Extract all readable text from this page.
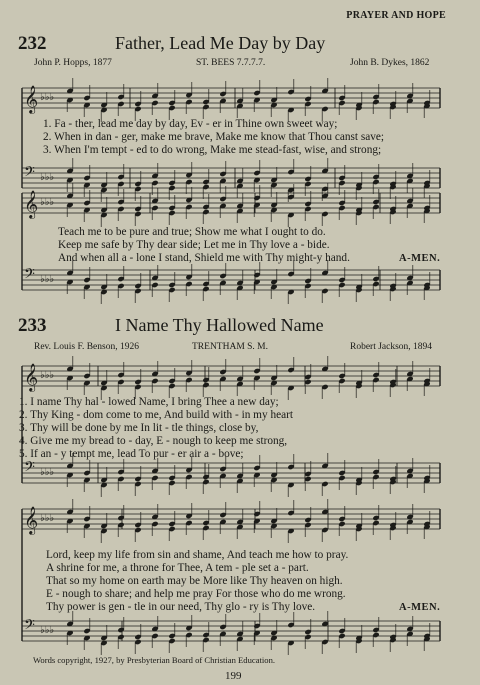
𝄞 ♭♭♭
𝄢 ♭♭♭
𝄞 ♭♭♭
𝄢 ♭♭♭
𝄞 ♭♭♭
𝄢 ♭♭♭
𝄞 ♭♭♭
𝄢 ♭♭♭
PRAYER AND HOPE
232	Father, Lead Me Day by Day
John P. Hopps, 1877	ST. BEES 7.7.7.7.	John B. Dykes, 1862
1. Fa - ther, lead me day by day, Ev - er in Thine own sweet way;
2. When in dan - ger, make me brave, Make me know that Thou canst save;
3. When I'm tempt - ed to do wrong, Make me stead-fast, wise, and strong;
Teach me to be pure and true; Show me what I ought to do.
Keep me safe by Thy dear side; Let me in Thy love a - bide.
And when all a - lone I stand, Shield me with Thy might-y hand.	A-MEN.
233	I Name Thy Hallowed Name
Rev. Louis F. Benson, 1926	TRENTHAM S. M.	Robert Jackson, 1894
1. I name Thy hal - lowed Name, I bring Thee a new day;
2. Thy King - dom come to me, And build with - in my heart
3. Thy will be done by me In lit - tle things, close by,
4. Give me my bread to - day, E - nough to keep me strong,
5. If an - y tempt me, lead To pur - er air a - bove;
Lord, keep my life from sin and shame, And teach me how to pray.
A shrine for me, a throne for Thee, A tem - ple set a - part.
That so my home on earth may be More like Thy heaven on high.
E - nough to share; and help me pray For those who do me wrong.
Thy power is gen - tle in our need, Thy glo - ry is Thy love.	A-MEN.
Words copyright, 1927, by Presbyterian Board of Christian Education.
199
